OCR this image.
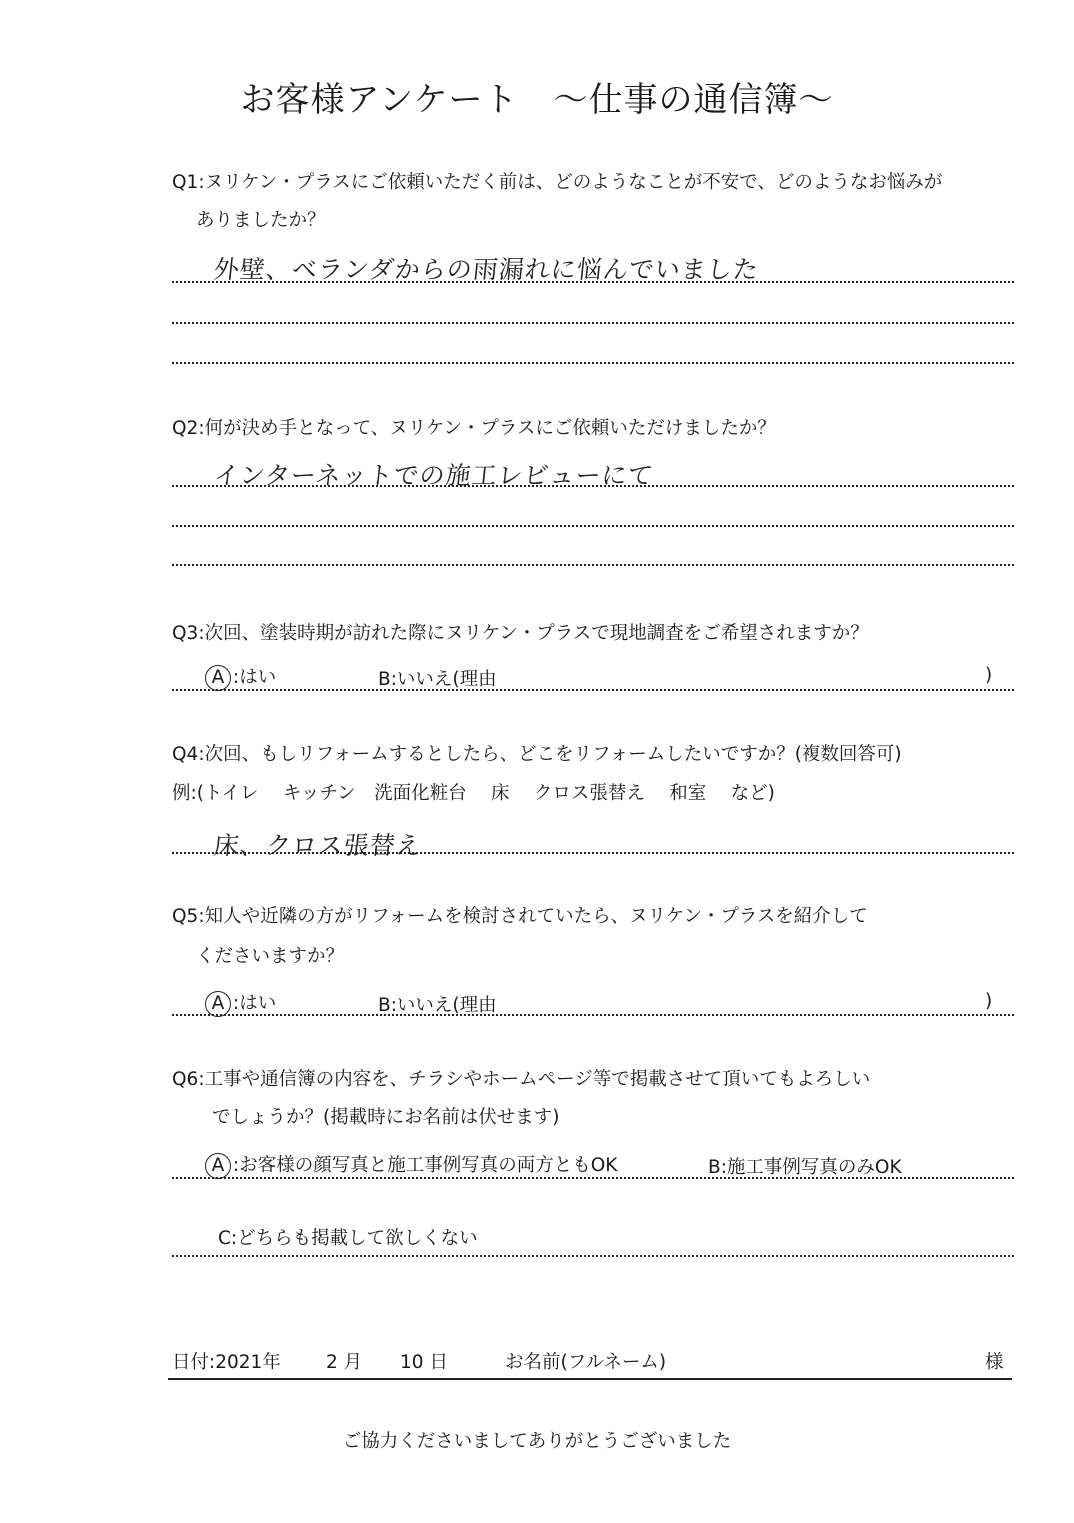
お客様アンケート　～仕事の通信簿～
Q1:ヌリケン・プラスにご依頼いただく前は、どのようなことが不安で、どのようなお悩みが
ありましたか？
外壁、ベランダからの雨漏れに悩んでいました
Q2:何が決め手となって、ヌリケン・プラスにご依頼いただけましたか？
インターネットでの施工レビューにて
Q3:次回、塗装時期が訪れた際にヌリケン・プラスで現地調査をご希望されますか？
A :はい	B:いいえ(理由	)
Q4:次回、もしリフォームするとしたら、どこをリフォームしたいですか？(複数回答可)
例:(トイレ　 キッチン　洗面化粧台　 床　 クロス張替え　 和室　 など)
床、クロス張替え
Q5:知人や近隣の方がリフォームを検討されていたら、ヌリケン・プラスを紹介して
くださいますか？
A :はい	B:いいえ(理由	)
Q6:工事や通信簿の内容を、チラシやホームページ等で掲載させて頂いてもよろしい
でしょうか？(掲載時にお名前は伏せます)
A :お客様の顔写真と施工事例写真の両方ともOK	B:施工事例写真のみOK
C:どちらも掲載して欲しくない
日付:2021年 2 月 10 日	お名前(フルネーム)	様
ご協力くださいましてありがとうございました
